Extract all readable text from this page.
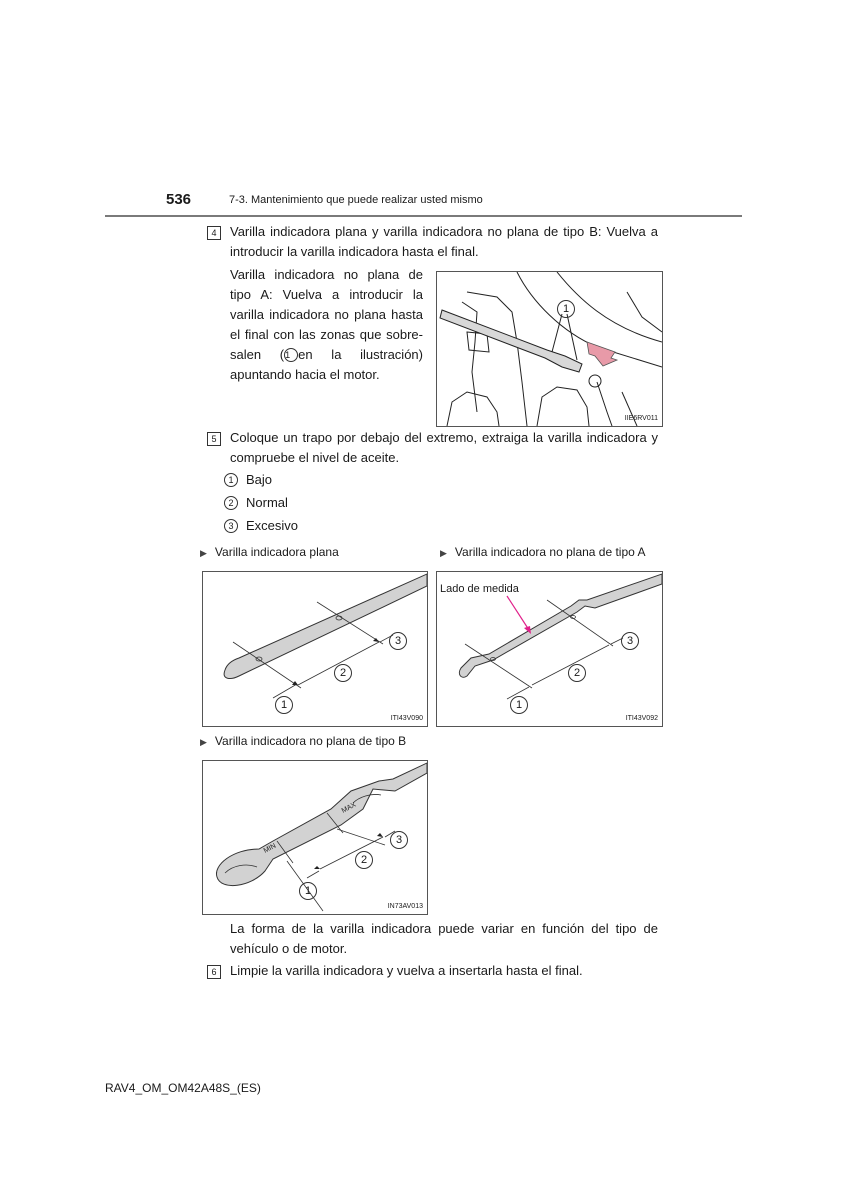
536	7-3. Mantenimiento que puede realizar usted mismo
4	Varilla indicadora plana y varilla indicadora no plana de tipo B: Vuelva a
introducir la varilla indicadora hasta el final.
Varilla indicadora no plana de
tipo A: Vuelva a introducir la
varilla indicadora no plana hasta
el final con las zonas que sobre-
salen (1 en la ilustración)
apuntando hacia el motor.
1
IIE6RV011
5	Coloque un trapo por debajo del extremo, extraiga la varilla indicadora y
compruebe el nivel de aceite.
1 Bajo
2 Normal
3 Excesivo
▶ Varilla indicadora plana	▶ Varilla indicadora no plana de tipo A
1
2
3
ITI43V090
Lado de medida
1
2
3
ITI43V092
▶ Varilla indicadora no plana de tipo B
MIN
MAX
1
2
3
IN73AV013
La forma de la varilla indicadora puede variar en función del tipo de
vehículo o de motor.
6	Limpie la varilla indicadora y vuelva a insertarla hasta el final.
RAV4_OM_OM42A48S_(ES)
